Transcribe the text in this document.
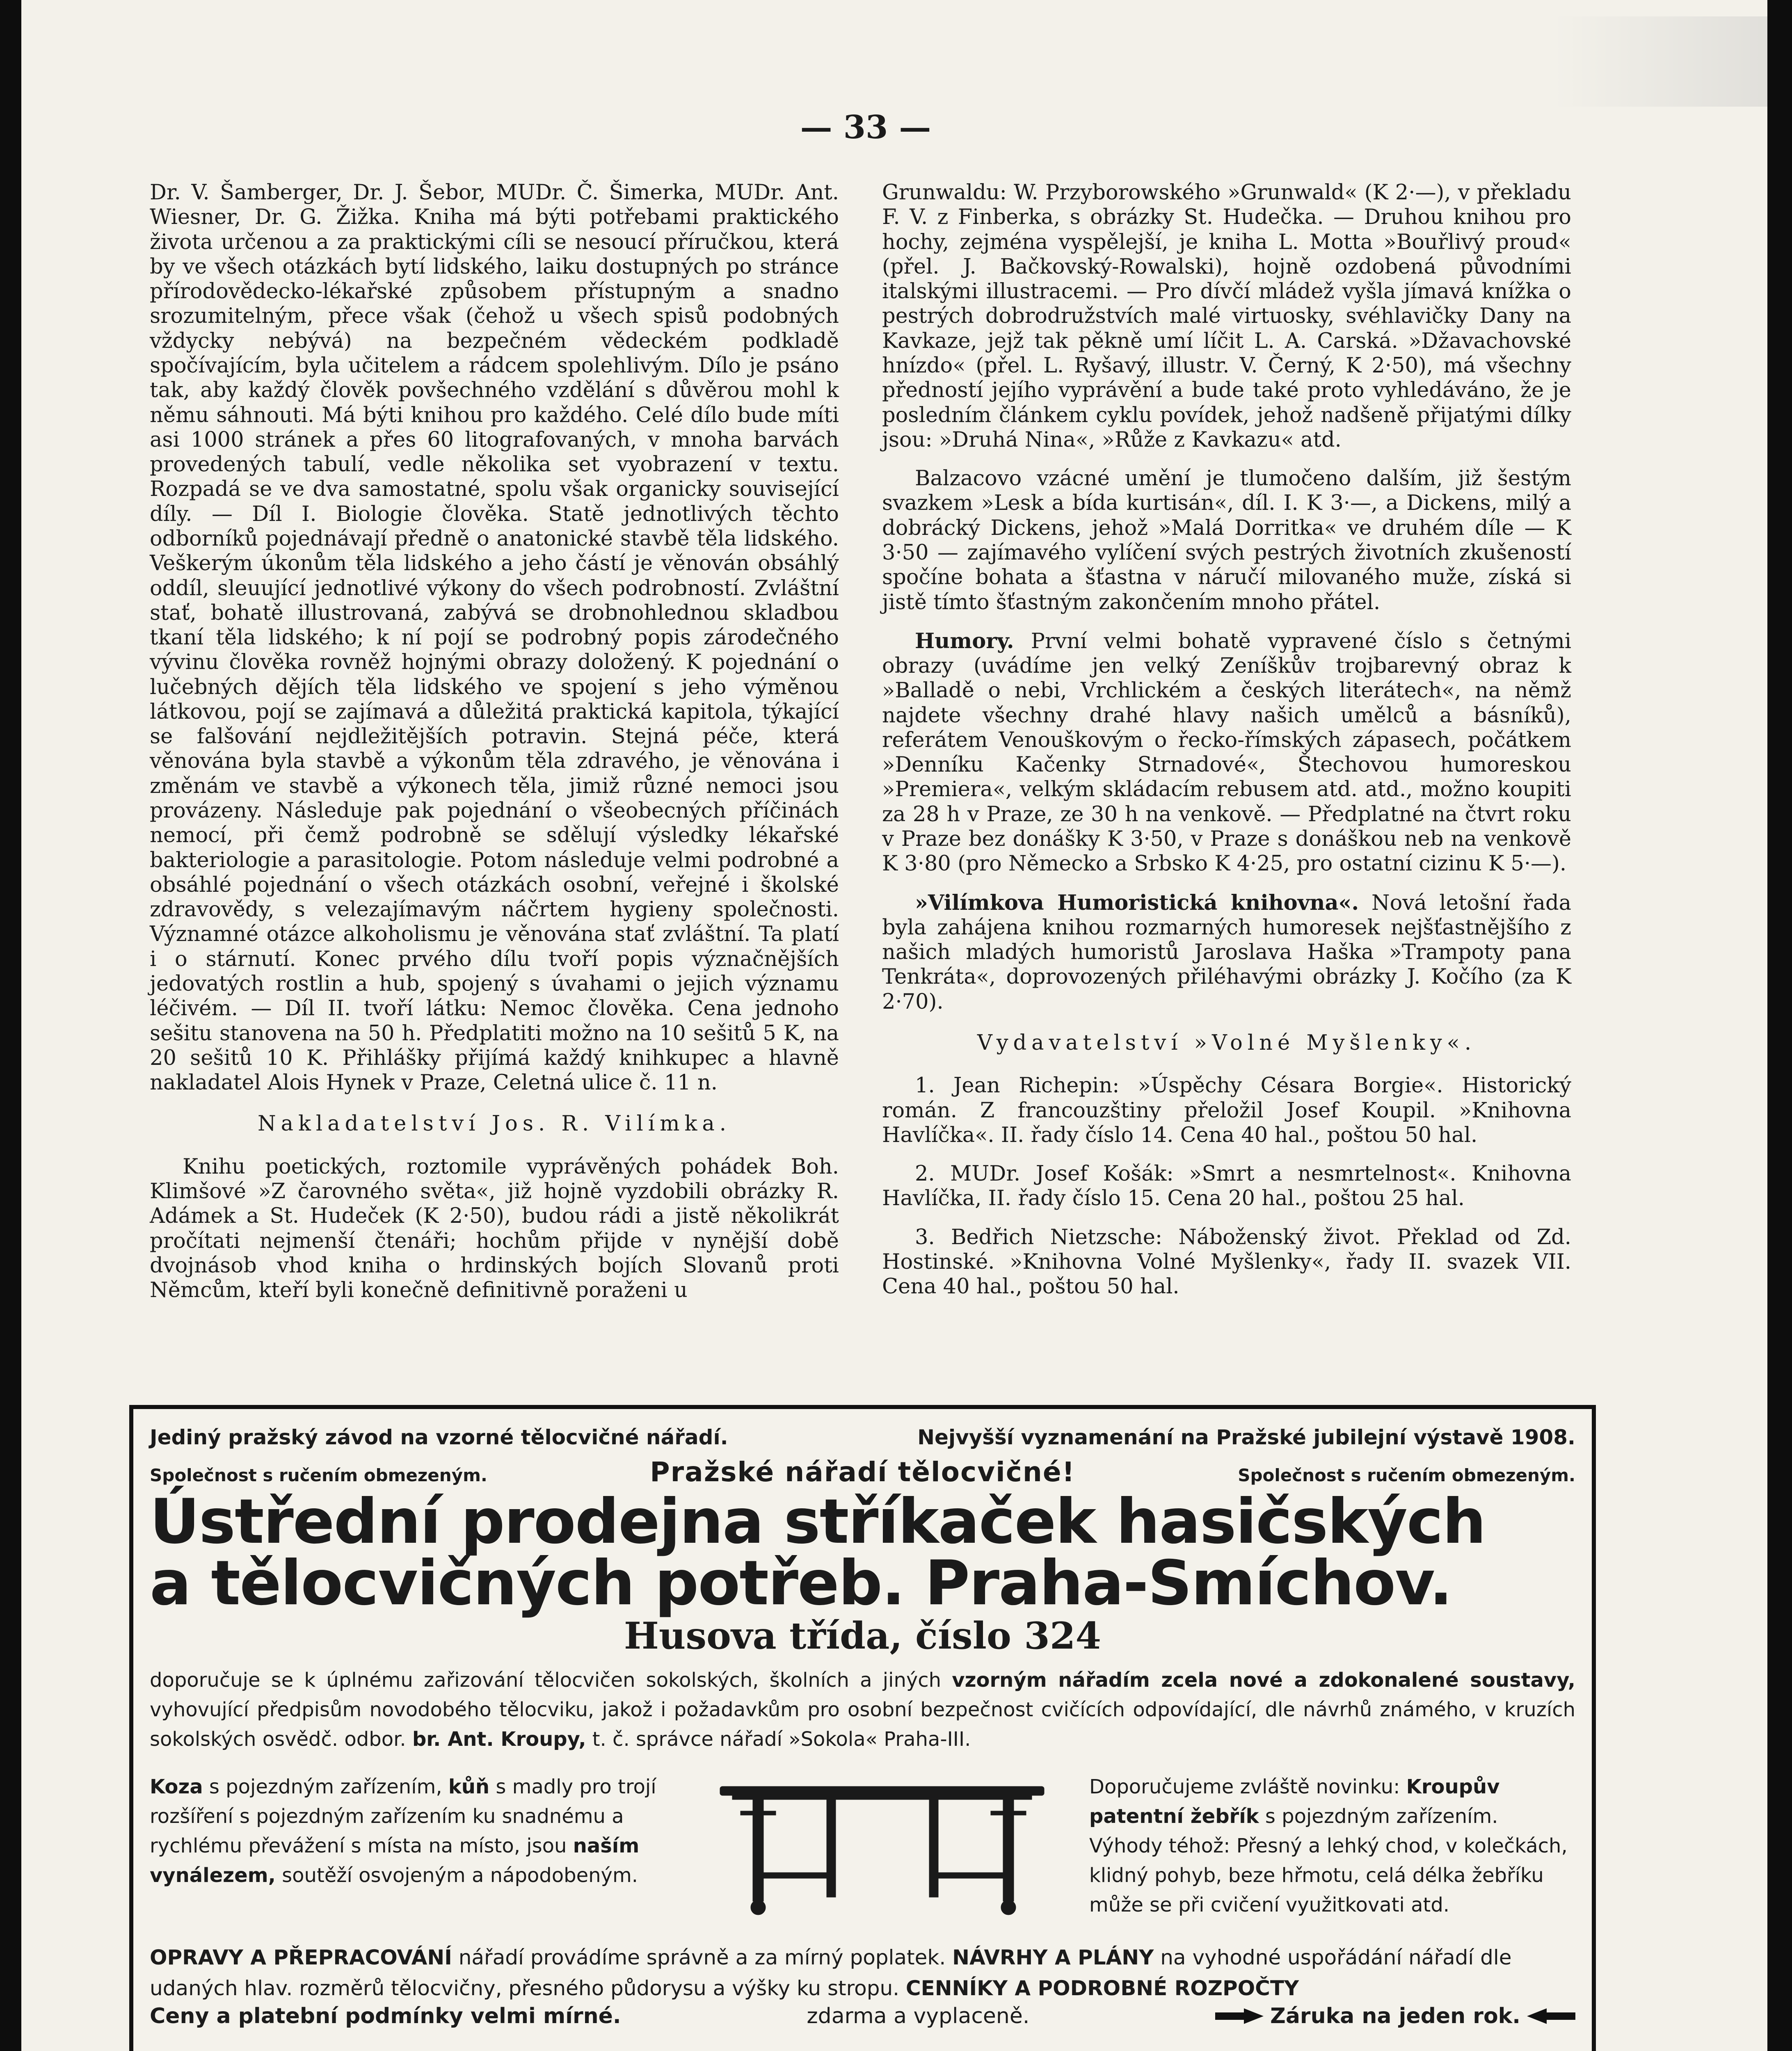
— 33 —

Dr. V. Šamberger, Dr. J. Šebor, MUDr. Č. Šimerka, MUDr. Ant. Wiesner, Dr. G. Žižka. Kniha má býti potřebami praktického života určenou a za praktickými cíli se nesoucí příručkou, která by ve všech otázkách bytí lidského, laiku dostupných po stránce přírodovědecko-lékařské způsobem přístupným a snadno srozumitelným, přece však (čehož u všech spisů podobných vždycky nebývá) na bezpečném vědeckém podkladě spočívajícím, byla učitelem a rádcem spolehlivým. Dílo je psáno tak, aby každý člověk povšechného vzdělání s důvěrou mohl k němu sáhnouti. Má býti knihou pro každého. Celé dílo bude míti asi 1000 stránek a přes 60 litografovaných, v mnoha barvách provedených tabulí, vedle několika set vyobrazení v textu. Rozpadá se ve dva samostatné, spolu však organicky související díly. — Díl I. Biologie člověka. Statě jednotlivých těchto odborníků pojednávají předně o anatonické stavbě těla lidského. Veškerým úkonům těla lidského a jeho částí je věnován obsáhlý oddíl, sleuující jednotlivé výkony do všech podrobností. Zvláštní stať, bohatě illustrovaná, zabývá se drobnohlednou skladbou tkaní těla lidského; k ní pojí se podrobný popis zárodečného vývinu člověka rovněž hojnými obrazy doložený. K pojednání o lučebných dějích těla lidského ve spojení s jeho výměnou látkovou, pojí se zajímavá a důležitá praktická kapitola, týkající se falšování nejdležitějších potravin. Stejná péče, která věnována byla stavbě a výkonům těla zdravého, je věnována i změnám ve stavbě a výkonech těla, jimiž různé nemoci jsou provázeny. Následuje pak pojednání o všeobecných příčinách nemocí, při čemž podrobně se sdělují výsledky lékařské bakteriologie a parasitologie. Potom následuje velmi podrobné a obsáhlé pojednání o všech otázkách osobní, veřejné i školské zdravovědy, s velezajímavým náčrtem hygieny společnosti. Významné otázce alkoholismu je věnována stať zvláštní. Ta platí i o stárnutí. Konec prvého dílu tvoří popis význačnějších jedovatých rostlin a hub, spojený s úvahami o jejich významu léčivém. — Díl II. tvoří látku: Nemoc člověka. Cena jednoho sešitu stanovena na 50 h. Předplatiti možno na 10 sešitů 5 K, na 20 sešitů 10 K. Přihlášky přijímá každý knihkupec a hlavně nakladatel Alois Hynek v Praze, Celetná ulice č. 11 n.

Nakladatelství Jos. R. Vilímka.

Knihu poetických, roztomile vyprávěných pohádek Boh. Klimšové »Z čarovného světa«, již hojně vyzdobili obrázky R. Adámek a St. Hudeček (K 2·50), budou rádi a jistě několikrát pročítati nejmenší čtenáři; hochům přijde v nynější době dvojnásob vhod kniha o hrdinských bojích Slovanů proti Němcům, kteří byli konečně definitivně poraženi u

Grunwaldu: W. Przyborowského »Grunwald« (K 2·—), v překladu F. V. z Finberka, s obrázky St. Hudečka. — Druhou knihou pro hochy, zejména vyspělejší, je kniha L. Motta »Bouřlivý proud« (přel. J. Bačkovský-Rowalski), hojně ozdobená původními italskými illustracemi. — Pro dívčí mládež vyšla jímavá knížka o pestrých dobrodružstvích malé virtuosky, svéhlavičky Dany na Kavkaze, jejž tak pěkně umí líčit L. A. Carská. »Džavachovské hnízdo« (přel. L. Ryšavý, illustr. V. Černý, K 2·50), má všechny předností jejího vyprávění a bude také proto vyhledáváno, že je posledním článkem cyklu povídek, jehož nadšeně přijatými dílky jsou: »Druhá Nina«, »Růže z Kavkazu« atd.

Balzacovo vzácné umění je tlumočeno dalším, již šestým svazkem »Lesk a bída kurtisán«, díl. I. K 3·—, a Dickens, milý a dobrácký Dickens, jehož »Malá Dorritka« ve druhém díle — K 3·50 — zajímavého vylíčení svých pestrých životních zkušeností spočíne bohata a šťastna v náručí milovaného muže, získá si jistě tímto šťastným zakončením mnoho přátel.

Humory. První velmi bohatě vypravené číslo s četnými obrazy (uvádíme jen velký Zeníškův trojbarevný obraz k »Balladě o nebi, Vrchlickém a českých literátech«, na němž najdete všechny drahé hlavy našich umělců a básníků), referátem Venouškovým o řecko-římských zápasech, počátkem »Denníku Kačenky Strnadové«, Štechovou humoreskou »Premiera«, velkým skládacím rebusem atd. atd., možno koupiti za 28 h v Praze, ze 30 h na venkově. — Předplatné na čtvrt roku v Praze bez donášky K 3·50, v Praze s donáškou neb na venkově K 3·80 (pro Německo a Srbsko K 4·25, pro ostatní cizinu K 5·—).

»Vilímkova Humoristická knihovna«. Nová letošní řada byla zahájena knihou rozmarných humoresek nejšťastnějšího z našich mladých humoristů Jaroslava Haška »Trampoty pana Tenkráta«, doprovozených přiléhavými obrázky J. Kočího (za K 2·70).

Vydavatelství »Volné Myšlenky«.

1. Jean Richepin: »Úspěchy Césara Borgie«. Historický román. Z francouzštiny přeložil Josef Koupil. »Knihovna Havlíčka«. II. řady číslo 14. Cena 40 hal., poštou 50 hal.

2. MUDr. Josef Košák: »Smrt a nesmrtelnost«. Knihovna Havlíčka, II. řady číslo 15. Cena 20 hal., poštou 25 hal.

3. Bedřich Nietzsche: Náboženský život. Překlad od Zd. Hostinské. »Knihovna Volné Myšlenky«, řady II. svazek VII. Cena 40 hal., poštou 50 hal.

Jediný pražský závod na vzorné tělocvičné nářadí.	Nejvyšší vyznamenání na Pražské jubilejní výstavě 1908.
Společnost s ručením obmezeným.	Pražské nářadí tělocvičné!	Společnost s ručením obmezeným.
Ústřední prodejna stříkaček hasičských
a tělocvičných potřeb. Praha-Smíchov.
Husova třída, číslo 324
doporučuje se k úplnému zařizování tělocvičen sokolských, školních a jiných vzorným nářadím zcela nové a zdokonalené soustavy, vyhovující předpisům novodobého tělocviku, jakož i požadavkům pro osobní bezpečnost cvičících odpovídající, dle návrhů známého, v kruzích sokolských osvědč. odbor. br. Ant. Kroupy, t. č. správce nářadí »Sokola« Praha-III.
Koza s pojezdným zařízením, kůň s madly pro trojí rozšíření s pojezdným zařízením ku snadnému a rychlému převážení s místa na místo, jsou naším vynálezem, soutěží osvojeným a nápodobeným.
Doporučujeme zvláště novinku: Kroupův patentní žebřík s pojezdným zařízením. Výhody téhož: Přesný a lehký chod, v kolečkách, klidný pohyb, beze hřmotu, celá délka žebříku může se při cvičení využitkovati atd.
OPRAVY A PŘEPRACOVÁNÍ nářadí provádíme správně a za mírný poplatek. NÁVRHY A PLÁNY na vyhodné uspořádání nářadí dle udaných hlav. rozměrů tělocvičny, přesného půdorysu a výšky ku stropu. CENNÍKY A PODROBNÉ ROZPOČTY
Ceny a platební podmínky velmi mírné.	zdarma a vyplaceně.	Záruka na jeden rok.
